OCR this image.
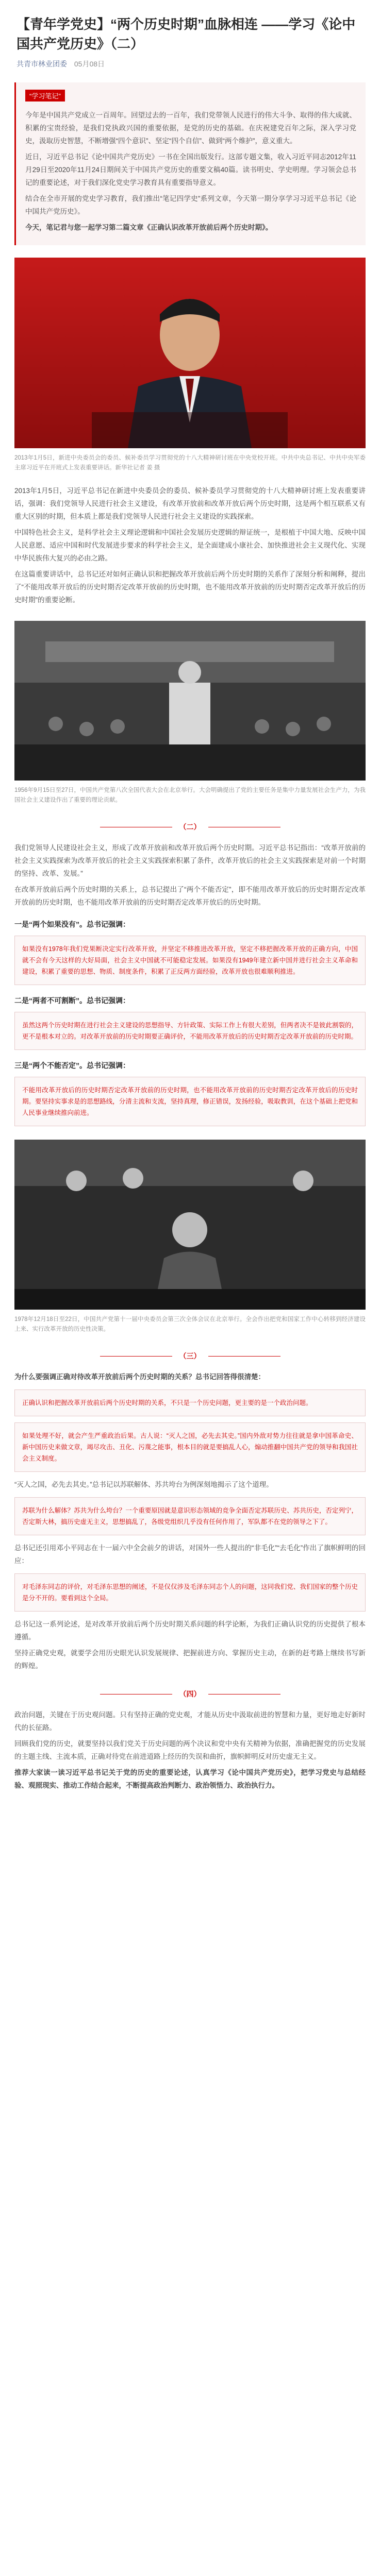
【青年学党史】“两个历史时期”血脉相连 ——学习《论中国共产党历史》（二）
共青市林业团委 05月08日
“学习笔记”

今年是中国共产党成立一百周年。回望过去的一百年，我们党带领人民进行的伟大斗争、取得的伟大成就、积累的宝贵经验，是我们党执政兴国的重要依据，是党的历史的基础。在庆祝建党百年之际，深入学习党史，汲取历史智慧，不断增强“四个意识”、坚定“四个自信”、做到“两个维护”，意义重大。

近日，习近平总书记《论中国共产党历史》一书在全国出版发行。这部专题文集，收入习近平同志2012年11月29日至2020年11月24日期间关于中国共产党历史的重要文稿40篇。读书明史、学史明理。学习领会总书记的重要论述，对于我们深化党史学习教育具有重要指导意义。

结合在全市开展的党史学习教育，我们推出“笔记四学史”系列文章，今天第一期分享学习习近平总书记《论中国共产党历史》。

今天，笔记君与您一起学习第二篇文章《正确认识改革开放前后两个历史时期》。

2013年1月5日，新进中央委员会的委员、候补委员学习贯彻党的十八大精神研讨班在中央党校开班。中共中央总书记、中共中央军委主席习近平在开班式上发表重要讲话。新华社记者 姜 摄

2013年1月5日，习近平总书记在新进中央委员会的委员、候补委员学习贯彻党的十八大精神研讨班上发表重要讲话，强调：我们党领导人民进行社会主义建设，有改革开放前和改革开放后两个历史时期，这是两个相互联系又有重大区别的时期，但本质上都是我们党领导人民进行社会主义建设的实践探索。

中国特色社会主义，是科学社会主义理论逻辑和中国社会发展历史逻辑的辩证统一，是根植于中国大地、反映中国人民意愿、适应中国和时代发展进步要求的科学社会主义，是全面建成小康社会、加快推进社会主义现代化、实现中华民族伟大复兴的必由之路。

在这篇重要讲话中，总书记还对如何正确认识和把握改革开放前后两个历史时期的关系作了深刻分析和阐释，提出了“不能用改革开放后的历史时期否定改革开放前的历史时期，也不能用改革开放前的历史时期否定改革开放后的历史时期”的重要论断。

1956年9月15日至27日，中国共产党第八次全国代表大会在北京举行。大会明确提出了党的主要任务是集中力量发展社会生产力，为我国社会主义建设作出了重要的理论贡献。
（二）

我们党领导人民建设社会主义，形成了改革开放前和改革开放后两个历史时期。习近平总书记指出：“改革开放前的社会主义实践探索为改革开放后的社会主义实践探索积累了条件，改革开放后的社会主义实践探索是对前一个时期的坚持、改革、发展。”

在改革开放前后两个历史时期的关系上，总书记提出了“两个不能否定”，即不能用改革开放后的历史时期否定改革开放前的历史时期，也不能用改革开放前的历史时期否定改革开放后的历史时期。

一是“两个如果没有”。总书记强调：

如果没有1978年我们党果断决定实行改革开放，并坚定不移推进改革开放，坚定不移把握改革开放的正确方向，中国就不会有今天这样的大好局面，社会主义中国就不可能稳定发展。如果没有1949年建立新中国并进行社会主义革命和建设，积累了重要的思想、物质、制度条件，积累了正反两方面经验，改革开放也很难顺利推进。

二是“两者不可割断”。总书记强调：

虽然这两个历史时期在进行社会主义建设的思想指导、方针政策、实际工作上有很大差别，但两者决不是彼此割裂的，更不是根本对立的。对改革开放前的历史时期要正确评价，不能用改革开放后的历史时期否定改革开放前的历史时期。

三是“两个不能否定”。总书记强调：

不能用改革开放后的历史时期否定改革开放前的历史时期，也不能用改革开放前的历史时期否定改革开放后的历史时期。要坚持实事求是的思想路线，分清主流和支流，坚持真理，修正错误，发扬经验，吸取教训，在这个基础上把党和人民事业继续推向前进。

1978年12月18日至22日，中国共产党第十一届中央委员会第三次全体会议在北京举行。全会作出把党和国家工作中心转移到经济建设上来、实行改革开放的历史性决策。
（三）

为什么要强调正确对待改革开放前后两个历史时期的关系？总书记回答得很清楚：

正确认识和把握改革开放前后两个历史时期的关系，不只是一个历史问题，更主要的是一个政治问题。

如果处理不好，就会产生严重政治后果。古人说：“灭人之国，必先去其史。”国内外敌对势力往往就是拿中国革命史、新中国历史来做文章，竭尽攻击、丑化、污蔑之能事，根本目的就是要搞乱人心，煽动推翻中国共产党的领导和我国社会主义制度。

“灭人之国，必先去其史。”总书记以苏联解体、苏共垮台为例深刻地揭示了这个道理。

苏联为什么解体？苏共为什么垮台？一个重要原因就是意识形态领域的竞争全面否定苏联历史、苏共历史，否定列宁，否定斯大林，搞历史虚无主义，思想搞乱了，各级党组织几乎没有任何作用了，军队都不在党的领导之下了。

总书记还引用邓小平同志在十一届六中全会前夕的讲话，对国外一些人提出的“非毛化”“去毛化”作出了旗帜鲜明的回应：

对毛泽东同志的评价，对毛泽东思想的阐述，不是仅仅涉及毛泽东同志个人的问题，这同我们党、我们国家的整个历史是分不开的。要看到这个全局。

总书记这一系列论述，是对改革开放前后两个历史时期关系问题的科学论断，为我们正确认识党的历史提供了根本遵循。

坚持正确党史观，就要学会用历史眼光认识发展规律、把握前进方向、掌握历史主动，在新的赶考路上继续书写新的辉煌。

（四）

政治问题，关键在于历史观问题。只有坚持正确的党史观，才能从历史中汲取前进的智慧和力量，更好地走好新时代的长征路。

回顾我们党的历史，就要坚持以我们党关于历史问题的两个决议和党中央有关精神为依据，准确把握党的历史发展的主题主线、主流本质，正确对待党在前进道路上经历的失误和曲折，旗帜鲜明反对历史虚无主义。

推荐大家读一读习近平总书记关于党的历史的重要论述，认真学习《论中国共产党历史》，把学习党史与总结经验、观照现实、推动工作结合起来，不断提高政治判断力、政治领悟力、政治执行力。
